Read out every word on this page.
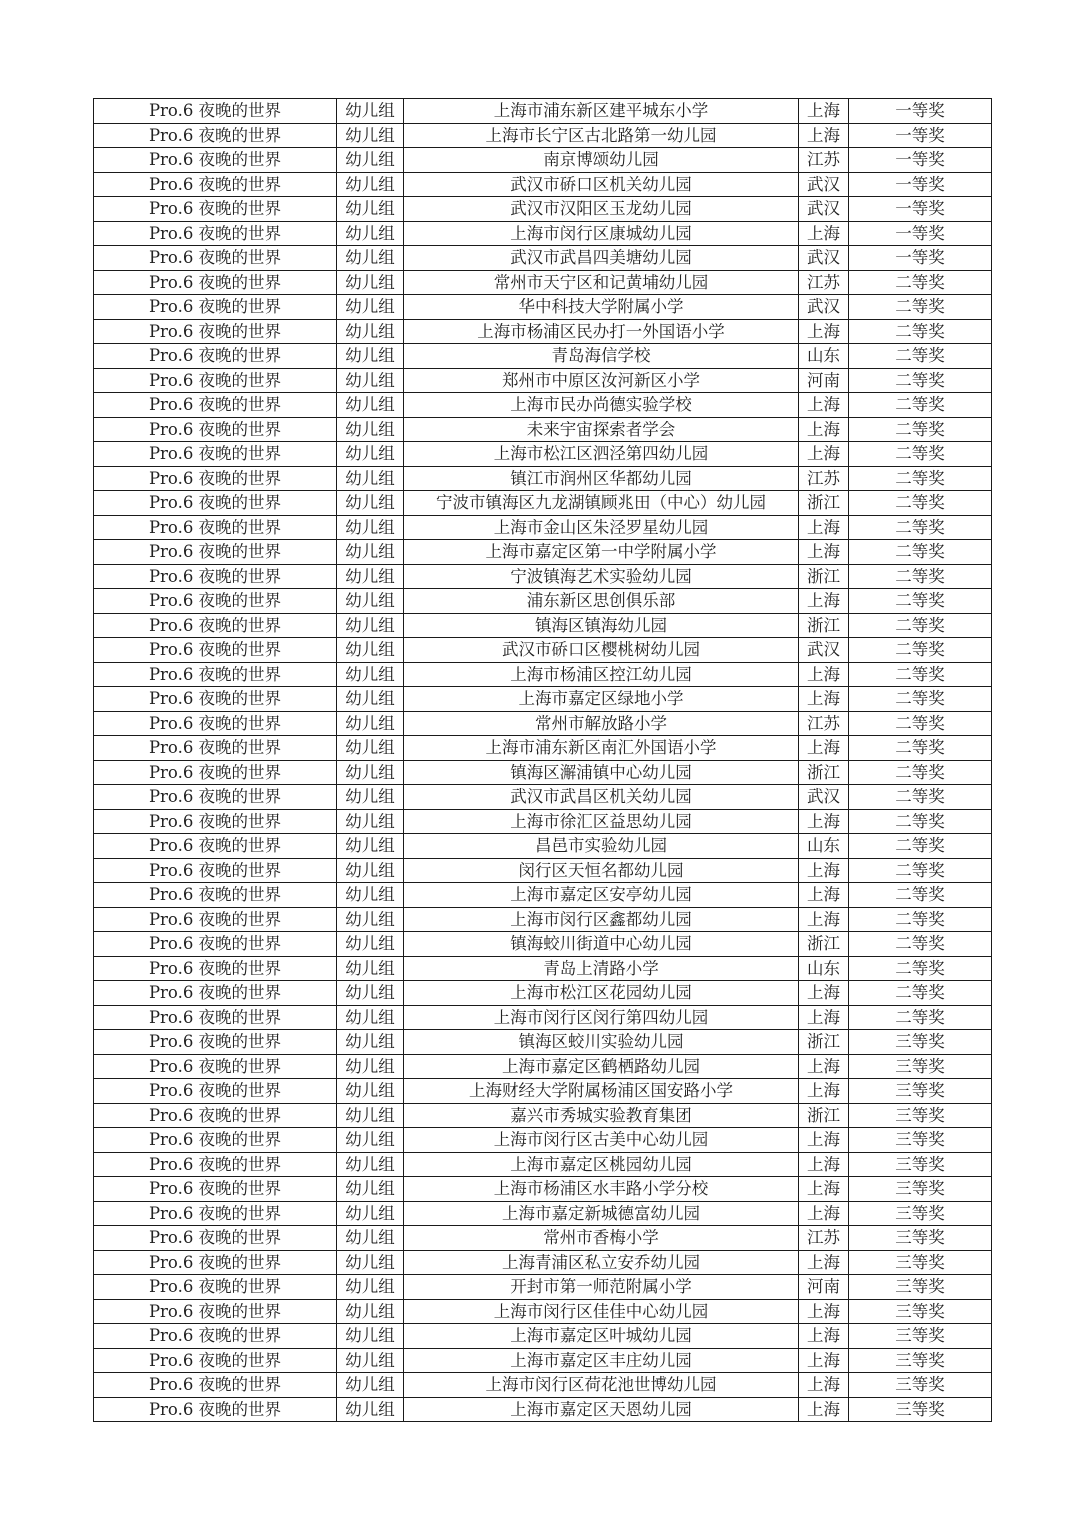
Pro.6 夜晚的世界	幼儿组	上海市浦东新区建平城东小学	上海	一等奖
Pro.6 夜晚的世界	幼儿组	上海市长宁区古北路第一幼儿园	上海	一等奖
Pro.6 夜晚的世界	幼儿组	南京博颂幼儿园	江苏	一等奖
Pro.6 夜晚的世界	幼儿组	武汉市硚口区机关幼儿园	武汉	一等奖
Pro.6 夜晚的世界	幼儿组	武汉市汉阳区玉龙幼儿园	武汉	一等奖
Pro.6 夜晚的世界	幼儿组	上海市闵行区康城幼儿园	上海	一等奖
Pro.6 夜晚的世界	幼儿组	武汉市武昌四美塘幼儿园	武汉	一等奖
Pro.6 夜晚的世界	幼儿组	常州市天宁区和记黄埔幼儿园	江苏	二等奖
Pro.6 夜晚的世界	幼儿组	华中科技大学附属小学	武汉	二等奖
Pro.6 夜晚的世界	幼儿组	上海市杨浦区民办打一外国语小学	上海	二等奖
Pro.6 夜晚的世界	幼儿组	青岛海信学校	山东	二等奖
Pro.6 夜晚的世界	幼儿组	郑州市中原区汝河新区小学	河南	二等奖
Pro.6 夜晚的世界	幼儿组	上海市民办尚德实验学校	上海	二等奖
Pro.6 夜晚的世界	幼儿组	未来宇宙探索者学会	上海	二等奖
Pro.6 夜晚的世界	幼儿组	上海市松江区泗泾第四幼儿园	上海	二等奖
Pro.6 夜晚的世界	幼儿组	镇江市润州区华都幼儿园	江苏	二等奖
Pro.6 夜晚的世界	幼儿组	宁波市镇海区九龙湖镇顾兆田（中心）幼儿园	浙江	二等奖
Pro.6 夜晚的世界	幼儿组	上海市金山区朱泾罗星幼儿园	上海	二等奖
Pro.6 夜晚的世界	幼儿组	上海市嘉定区第一中学附属小学	上海	二等奖
Pro.6 夜晚的世界	幼儿组	宁波镇海艺术实验幼儿园	浙江	二等奖
Pro.6 夜晚的世界	幼儿组	浦东新区思创俱乐部	上海	二等奖
Pro.6 夜晚的世界	幼儿组	镇海区镇海幼儿园	浙江	二等奖
Pro.6 夜晚的世界	幼儿组	武汉市硚口区樱桃树幼儿园	武汉	二等奖
Pro.6 夜晚的世界	幼儿组	上海市杨浦区控江幼儿园	上海	二等奖
Pro.6 夜晚的世界	幼儿组	上海市嘉定区绿地小学	上海	二等奖
Pro.6 夜晚的世界	幼儿组	常州市解放路小学	江苏	二等奖
Pro.6 夜晚的世界	幼儿组	上海市浦东新区南汇外国语小学	上海	二等奖
Pro.6 夜晚的世界	幼儿组	镇海区澥浦镇中心幼儿园	浙江	二等奖
Pro.6 夜晚的世界	幼儿组	武汉市武昌区机关幼儿园	武汉	二等奖
Pro.6 夜晚的世界	幼儿组	上海市徐汇区益思幼儿园	上海	二等奖
Pro.6 夜晚的世界	幼儿组	昌邑市实验幼儿园	山东	二等奖
Pro.6 夜晚的世界	幼儿组	闵行区天恒名都幼儿园	上海	二等奖
Pro.6 夜晚的世界	幼儿组	上海市嘉定区安亭幼儿园	上海	二等奖
Pro.6 夜晚的世界	幼儿组	上海市闵行区鑫都幼儿园	上海	二等奖
Pro.6 夜晚的世界	幼儿组	镇海蛟川街道中心幼儿园	浙江	二等奖
Pro.6 夜晚的世界	幼儿组	青岛上清路小学	山东	二等奖
Pro.6 夜晚的世界	幼儿组	上海市松江区花园幼儿园	上海	二等奖
Pro.6 夜晚的世界	幼儿组	上海市闵行区闵行第四幼儿园	上海	二等奖
Pro.6 夜晚的世界	幼儿组	镇海区蛟川实验幼儿园	浙江	三等奖
Pro.6 夜晚的世界	幼儿组	上海市嘉定区鹤栖路幼儿园	上海	三等奖
Pro.6 夜晚的世界	幼儿组	上海财经大学附属杨浦区国安路小学	上海	三等奖
Pro.6 夜晚的世界	幼儿组	嘉兴市秀城实验教育集团	浙江	三等奖
Pro.6 夜晚的世界	幼儿组	上海市闵行区古美中心幼儿园	上海	三等奖
Pro.6 夜晚的世界	幼儿组	上海市嘉定区桃园幼儿园	上海	三等奖
Pro.6 夜晚的世界	幼儿组	上海市杨浦区水丰路小学分校	上海	三等奖
Pro.6 夜晚的世界	幼儿组	上海市嘉定新城德富幼儿园	上海	三等奖
Pro.6 夜晚的世界	幼儿组	常州市香梅小学	江苏	三等奖
Pro.6 夜晚的世界	幼儿组	上海青浦区私立安乔幼儿园	上海	三等奖
Pro.6 夜晚的世界	幼儿组	开封市第一师范附属小学	河南	三等奖
Pro.6 夜晚的世界	幼儿组	上海市闵行区佳佳中心幼儿园	上海	三等奖
Pro.6 夜晚的世界	幼儿组	上海市嘉定区叶城幼儿园	上海	三等奖
Pro.6 夜晚的世界	幼儿组	上海市嘉定区丰庄幼儿园	上海	三等奖
Pro.6 夜晚的世界	幼儿组	上海市闵行区荷花池世博幼儿园	上海	三等奖
Pro.6 夜晚的世界	幼儿组	上海市嘉定区天恩幼儿园	上海	三等奖
